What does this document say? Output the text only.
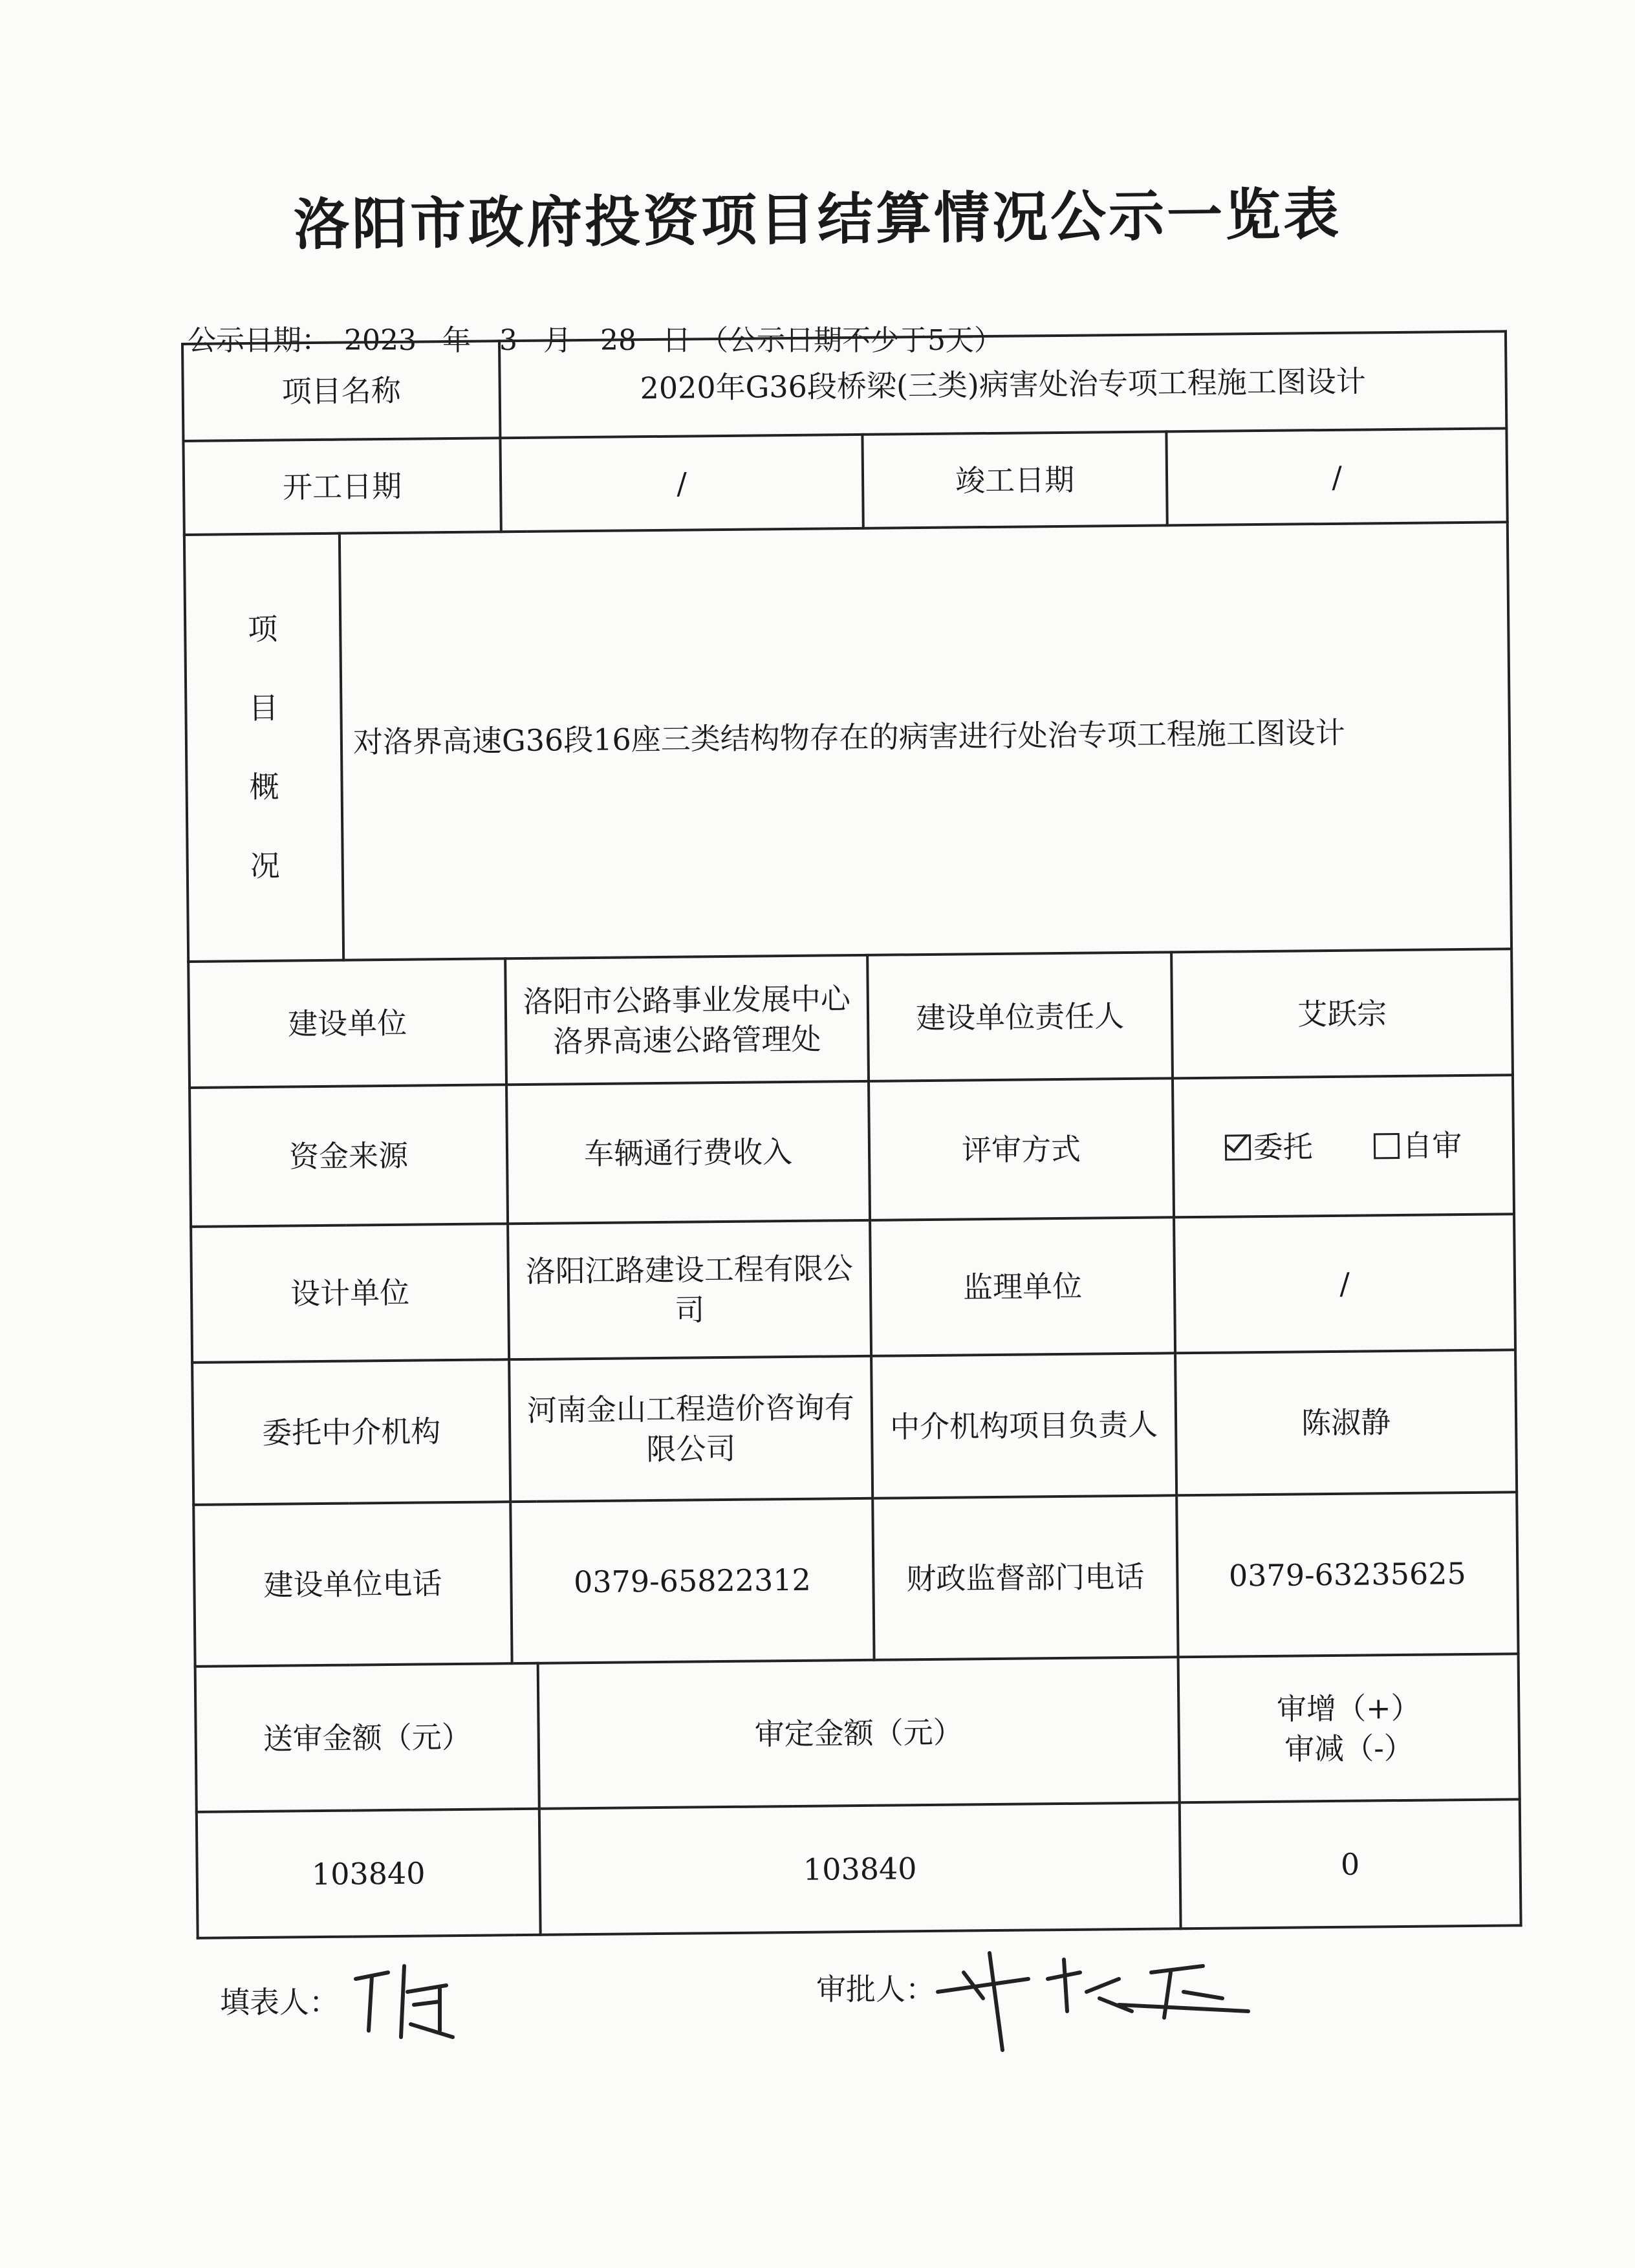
洛阳市政府投资项目结算情况公示一览表
公示日期： 2023 年 3 月 28 日 （公示日期不少于5天）
项目名称		2020年G36段桥梁(三类)病害处治专项工程施工图设计			
开工日期		/		竣工日期	/

项
目
概
况	对洛界高速G36段16座三类结构物存在的病害进行处治专项工程施工图设计				
建设单位		洛阳市公路事业发展中心洛界高速公路管理处		建设单位责任人	艾跃宗
资金来源		车辆通行费收入		评审方式	委托 自审
设计单位		洛阳江路建设工程有限公司		监理单位	/
委托中介机构		河南金山工程造价咨询有限公司		中介机构项目负责人	陈淑静
建设单位电话		0379-65822312		财政监督部门电话	0379-63235625
送审金额（元）			审定金额（元）		审增（+）
审减（-）

103840			103840		0
填表人：	审批人：
